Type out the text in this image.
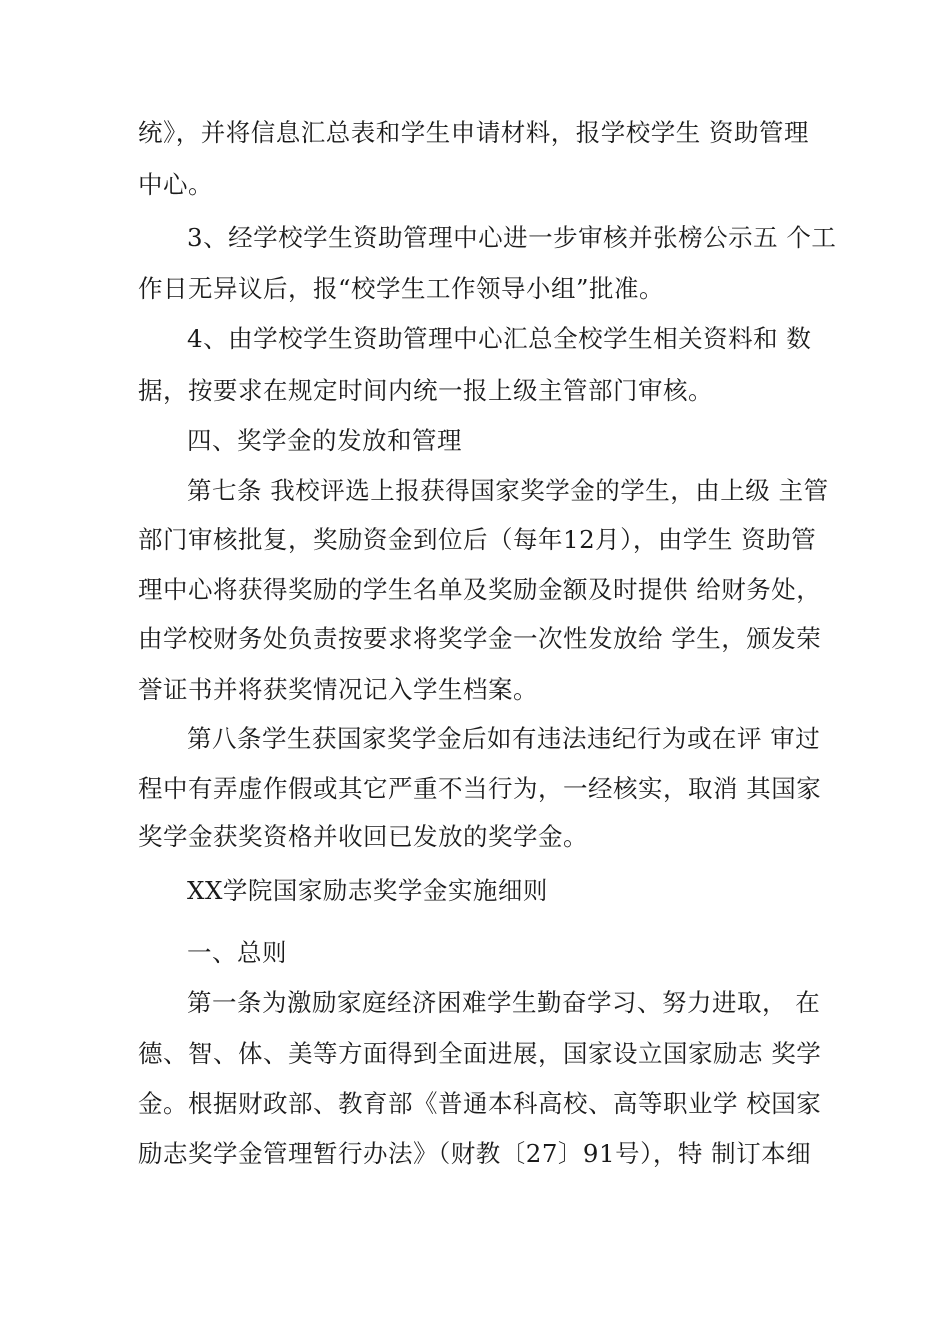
统》，并将信息汇总表和学生申请材料，报学校学生 资助管理
中心。
3、经学校学生资助管理中心进一步审核并张榜公示五 个工
作日无异议后，报“校学生工作领导小组”批准。
4、由学校学生资助管理中心汇总全校学生相关资料和 数
据，按要求在规定时间内统一报上级主管部门审核。
四、奖学金的发放和管理
第七条 我校评选上报获得国家奖学金的学生，由上级 主管
部门审核批复，奖励资金到位后（每年12月），由学生 资助管
理中心将获得奖励的学生名单及奖励金额及时提供 给财务处，
由学校财务处负责按要求将奖学金一次性发放给 学生，颁发荣
誉证书并将获奖情况记入学生档案。
第八条学生获国家奖学金后如有违法违纪行为或在评 审过
程中有弄虚作假或其它严重不当行为，一经核实，取消 其国家
奖学金获奖资格并收回已发放的奖学金。
XX学院国家励志奖学金实施细则
一、总则
第一条为激励家庭经济困难学生勤奋学习、努力进取， 在
德、智、体、美等方面得到全面进展，国家设立国家励志 奖学
金。根据财政部、教育部《普通本科高校、高等职业学 校国家
励志奖学金管理暂行办法》（财教〔27〕91号），特 制订本细
